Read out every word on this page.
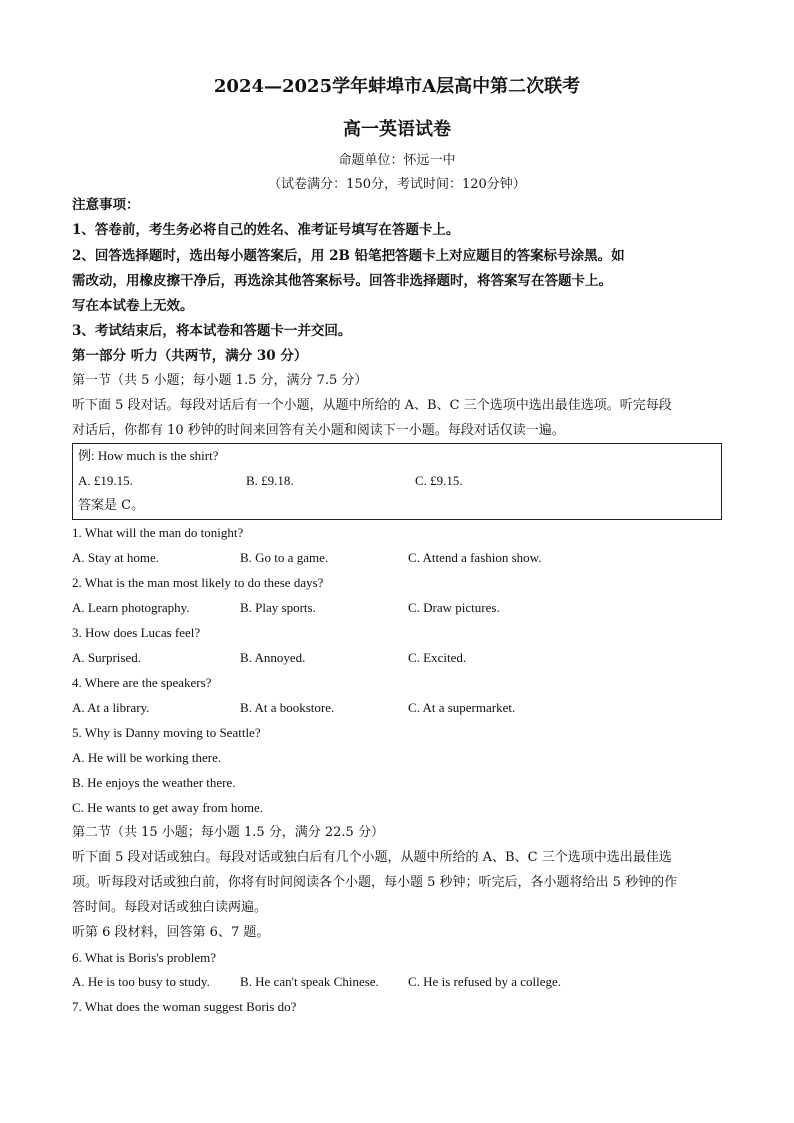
2024—2025学年蚌埠市A层高中第二次联考
高一英语试卷
命题单位：怀远一中
（试卷满分：150分，考试时间：120分钟）
注意事项：
1、答卷前，考生务必将自己的姓名、准考证号填写在答题卡上。
2、回答选择题时，选出每小题答案后，用 2B 铅笔把答题卡上对应题目的答案标号涂黑。如
需改动，用橡皮擦干净后，再选涂其他答案标号。回答非选择题时，将答案写在答题卡上。
写在本试卷上无效。
3、考试结束后，将本试卷和答题卡一并交回。
第一部分 听力（共两节，满分 30 分）
第一节（共 5 小题；每小题 1.5 分，满分 7.5 分）
听下面 5 段对话。每段对话后有一个小题，从题中所给的 A、B、C 三个选项中选出最佳选项。听完每段
对话后，你都有 10 秒钟的时间来回答有关小题和阅读下一小题。每段对话仅读一遍。
例: How much is the shirt?
A. £19.15.	B. £9.18.	C. £9.15.
答案是 C。
1. What will the man do tonight?
A. Stay at home.	B. Go to a game.	C. Attend a fashion show.
2. What is the man most likely to do these days?
A. Learn photography.	B. Play sports.	C. Draw pictures.
3. How does Lucas feel?
A. Surprised.	B. Annoyed.	C. Excited.
4. Where are the speakers?
A. At a library.	B. At a bookstore.	C. At a supermarket.
5. Why is Danny moving to Seattle?
A. He will be working there.
B. He enjoys the weather there.
C. He wants to get away from home.
第二节（共 15 小题；每小题 1.5 分，满分 22.5 分）
听下面 5 段对话或独白。每段对话或独白后有几个小题，从题中所给的 A、B、C 三个选项中选出最佳选
项。听每段对话或独白前，你将有时间阅读各个小题，每小题 5 秒钟；听完后，各小题将给出 5 秒钟的作
答时间。每段对话或独白读两遍。
听第 6 段材料，回答第 6、7 题。
6. What is Boris's problem?
A. He is too busy to study. B. He can't speak Chinese. C. He is refused by a college.
7. What does the woman suggest Boris do?
